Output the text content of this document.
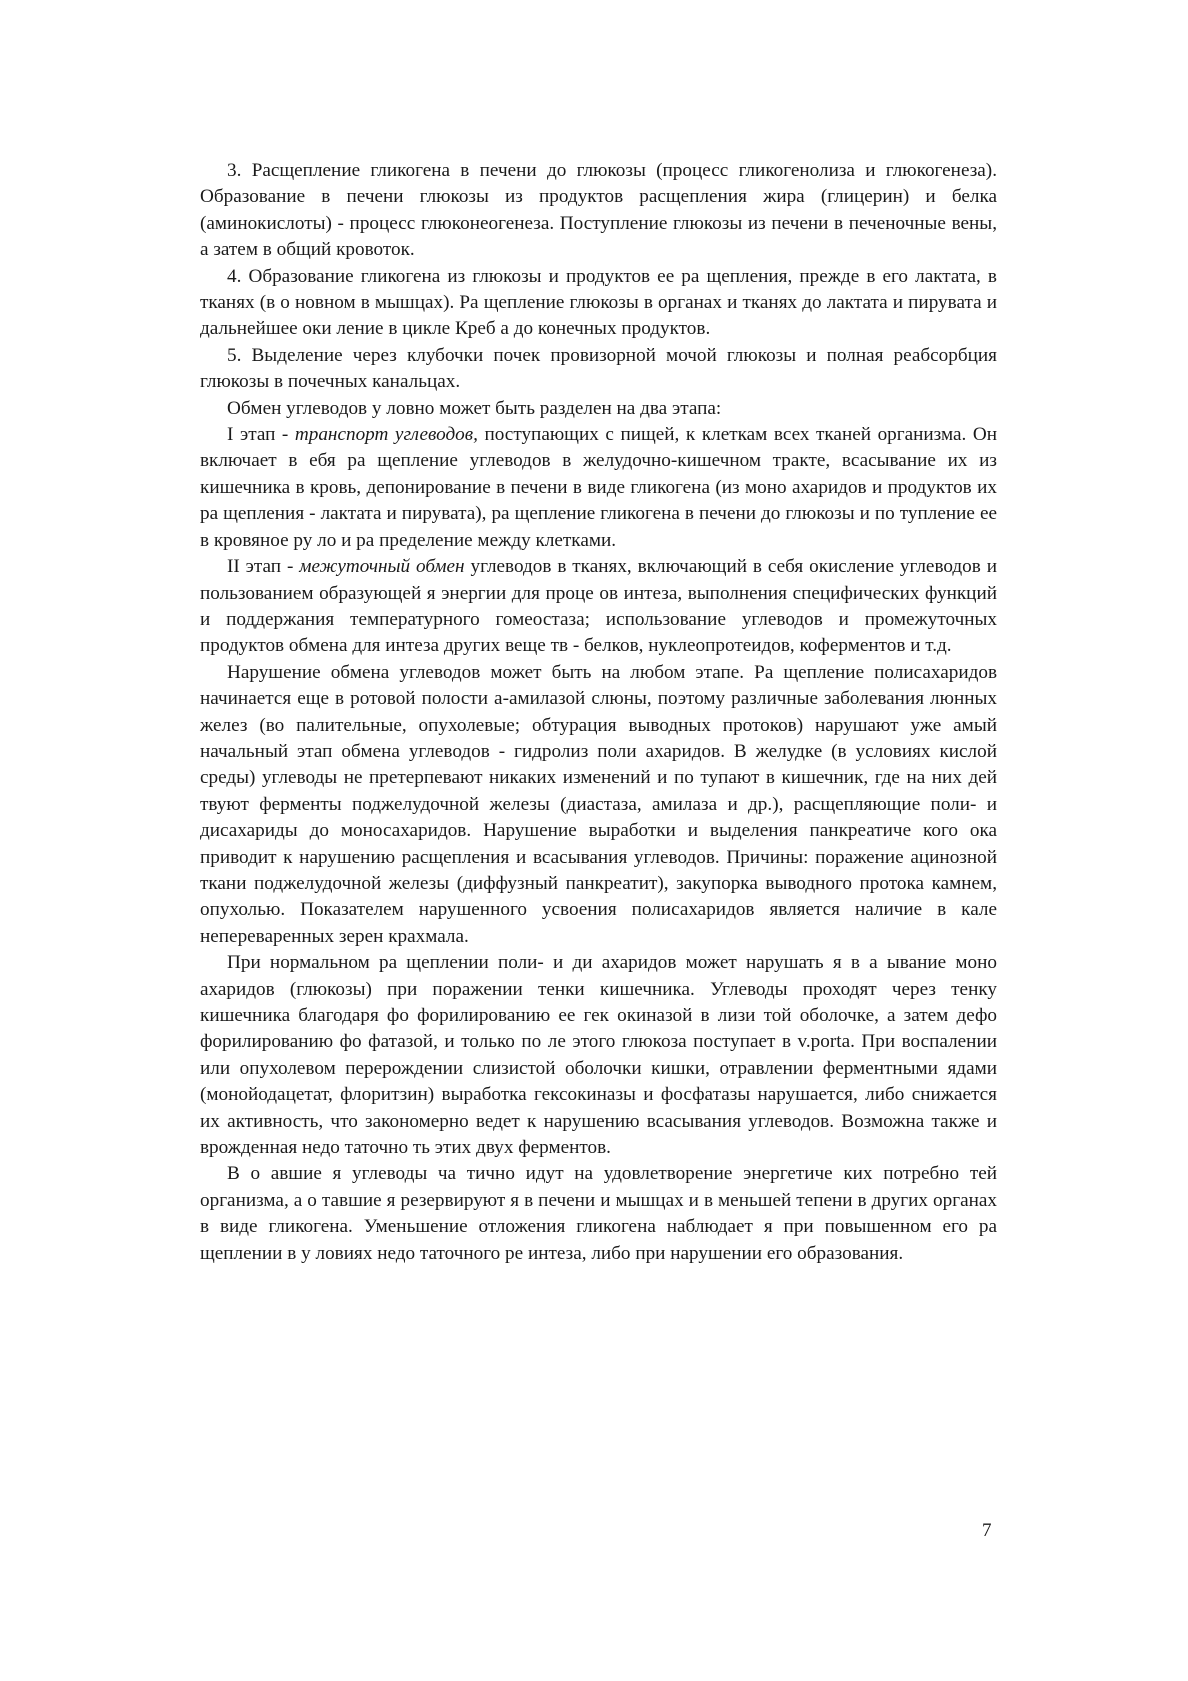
3. Расщепление гликогена в печени до глюкозы (процесс гликогенолиза и глюкогенеза). Образование в печени глюкозы из продуктов расщепления жира (глицерин) и белка (аминокислоты) - процесс глюконеогенеза. Поступление глюкозы из печени в печеночные вены, а затем в общий кровоток.

4. Образование гликогена из глюкозы и продуктов ее ра щепления, прежде в его лактата, в тканях (в о новном в мышцах). Ра щепление глюкозы в органах и тканях до лактата и пирувата и дальнейшее оки ление в цикле Креб а до конечных продуктов.

5. Выделение через клубочки почек провизорной мочой глюкозы и полная реабсорбция глюкозы в почечных канальцах.

Обмен углеводов у ловно может быть разделен на два этапа:

I этап - транспорт углеводов, поступающих с пищей, к клеткам всех тканей организма. Он включает в ебя ра щепление углеводов в желудочно-кишечном тракте, всасывание их из кишечника в кровь, депонирование в печени в виде гликогена (из моно ахаридов и продуктов их ра щепления - лактата и пирувата), ра щепление гликогена в печени до глюкозы и по тупление ее в кровяное ру ло и ра пределение между клетками.

II этап - межуточный обмен углеводов в тканях, включающий в себя окисление углеводов и пользованием образующей я энергии для проце ов интеза, выполнения специфических функций и поддержания температурного гомеостаза; использование углеводов и промежуточных продуктов обмена для интеза других веще тв - белков, нуклеопротеидов, коферментов и т.д.

Нарушение обмена углеводов может быть на любом этапе. Ра щепление полисахаридов начинается еще в ротовой полости a-амилазой слюны, поэтому различные заболевания люнных желез (во палительные, опухолевые; обтурация выводных протоков) нарушают уже амый начальный этап обмена углеводов - гидролиз поли ахаридов. В желудке (в условиях кислой среды) углеводы не претерпевают никаких изменений и по тупают в кишечник, где на них дей твуют ферменты поджелудочной железы (диастаза, амилаза и др.), расщепляющие поли- и дисахариды до моносахаридов. Нарушение выработки и выделения панкреатиче кого ока приводит к нарушению расщепления и всасывания углеводов. Причины: поражение ацинозной ткани поджелудочной железы (диффузный панкреатит), закупорка выводного протока камнем, опухолью. Показателем нарушенного усвоения полисахаридов является наличие в кале непереваренных зерен крахмала.

При нормальном ра щеплении поли- и ди ахаридов может нарушать я в а ывание моно ахаридов (глюкозы) при поражении тенки кишечника. Углеводы проходят через тенку кишечника благодаря фо форилированию ее гек окиназой в лизи той оболочке, а затем дефо форилированию фо фатазой, и только по ле этого глюкоза поступает в v.porta. При воспалении или опухолевом перерождении слизистой оболочки кишки, отравлении ферментными ядами (монойодацетат, флоритзин) выработка гексокиназы и фосфатазы нарушается, либо снижается их активность, что закономерно ведет к нарушению всасывания углеводов. Возможна также и врожденная недо таточно ть этих двух ферментов.

В о авшие я углеводы ча тично идут на удовлетворение энергетиче ких потребно тей организма, а о тавшие я резервируют я в печени и мышцах и в меньшей тепени в других органах в виде гликогена. Уменьшение отложения гликогена наблюдает я при повышенном его ра щеплении в у ловиях недо таточного ре интеза, либо при нарушении его образования.

7
